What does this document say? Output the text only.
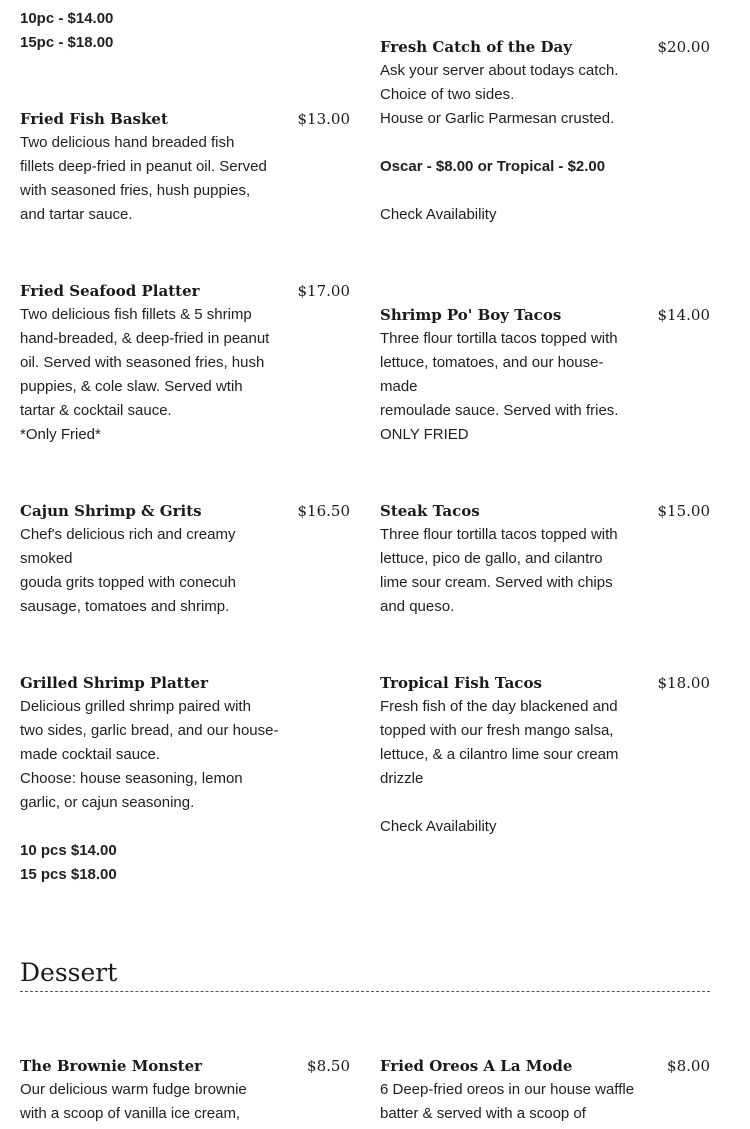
10pc - $14.00
15pc - $18.00	Fresh Catch of the Day	$20.00
Ask your server about todays catch.
Choice of two sides.
House or Garlic Parmesan crusted.
Oscar - $8.00 or Tropical - $2.00
Check Availability
Fried Fish Basket	$13.00
Two delicious hand breaded fish
fillets deep-fried in peanut oil. Served
with seasoned fries, hush puppies,
and tartar sauce.
Fried Seafood Platter	$17.00
Two delicious fish fillets & 5 shrimp
hand-breaded, & deep-fried in peanut
oil. Served with seasoned fries, hush
puppies, & cole slaw. Served wtih
tartar & cocktail sauce.
*Only Fried*
Shrimp Po' Boy Tacos	$14.00
Three flour tortilla tacos topped with
lettuce, tomatoes, and our house-
made
remoulade sauce. Served with fries.
ONLY FRIED
Cajun Shrimp & Grits	$16.50
Chef's delicious rich and creamy
smoked
gouda grits topped with conecuh
sausage, tomatoes and shrimp.
Steak Tacos	$15.00
Three flour tortilla tacos topped with
lettuce, pico de gallo, and cilantro
lime sour cream. Served with chips
and queso.
Grilled Shrimp Platter
Delicious grilled shrimp paired with
two sides, garlic bread, and our house-
made cocktail sauce.
Choose: house seasoning, lemon
garlic, or cajun seasoning.
10 pcs $14.00
15 pcs $18.00
Tropical Fish Tacos	$18.00
Fresh fish of the day blackened and
topped with our fresh mango salsa,
lettuce, & a cilantro lime sour cream
drizzle
Check Availability
Dessert
The Brownie Monster	$8.50
Our delicious warm fudge brownie
with a scoop of vanilla ice cream,
Fried Oreos A La Mode	$8.00
6 Deep-fried oreos in our house waffle
batter & served with a scoop of
